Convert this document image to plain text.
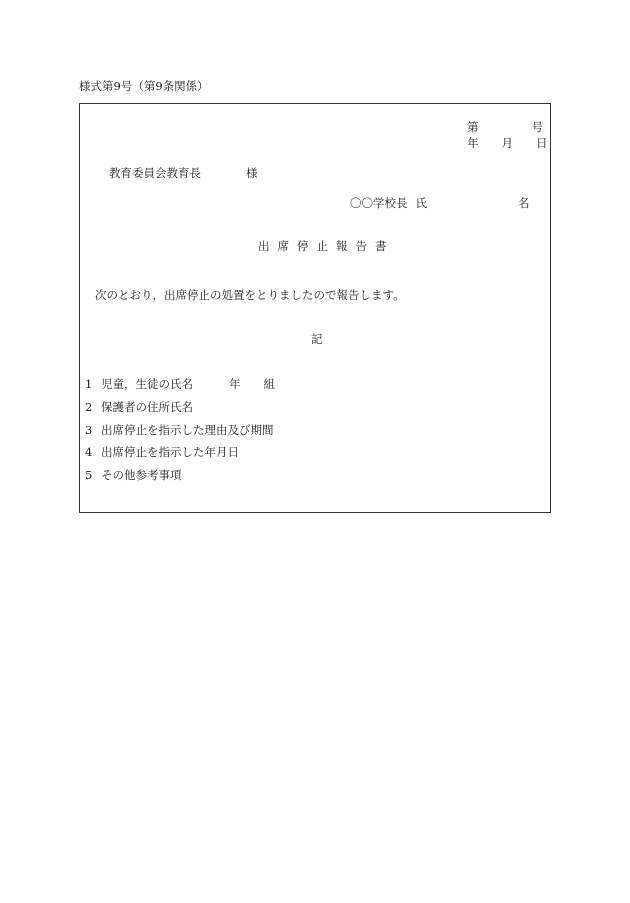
様式第9号（第9条関係）
第	号
年 月 日
教育委員会教育長	様
〇〇学校長 氏	名
出 席 停 止 報 告 書
次のとおり，出席停止の処置をとりましたので報告します。
記
1 児童，生徒の氏名	年 組
2 保護者の住所氏名
3 出席停止を指示した理由及び期間
4 出席停止を指示した年月日
5 その他参考事項
